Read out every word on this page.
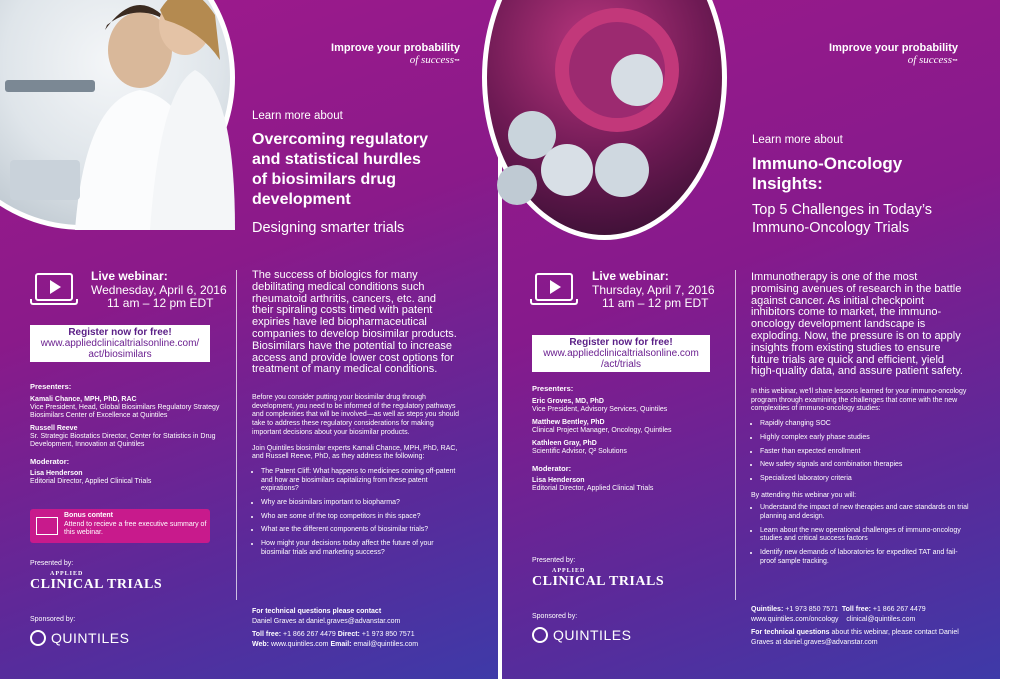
Improve your probability
of success™
Learn more about
Overcoming regulatory
and statistical hurdles
of biosimilars drug
development
Designing smarter trials
Live webinar:
Wednesday, April 6, 2016
11 am – 12 pm EDT
Register now for free!
www.appliedclinicaltrialsonline.com/
act/biosimilars
Presenters:
Kamali Chance, MPH, PhD, RAC
Vice President, Head, Global Biosimilars Regulatory Strategy Biosimilars Center of Excellence at Quintiles
Russell Reeve
Sr. Strategic Biostatics Director, Center for Statistics in Drug Development, Innovation at Quintiles
Moderator:
Lisa Henderson
Editorial Director, Applied Clinical Trials
Bonus content
Attend to recieve a free executive summary of this webinar.
Presented by:
APPLIED
CLINICAL TRIALS
Sponsored by:
QUINTILES
The success of biologics for many debilitating medical conditions such rheumatoid arthritis, cancers, etc. and their spiraling costs timed with patent expiries have led biopharmaceutical companies to develop biosimilar products. Biosimilars have the potential to increase access and provide lower cost options for treatment of many medical conditions.
Before you consider putting your biosimilar drug through development, you need to be informed of the regulatory pathways and complexities that will be involved—as well as steps you should take to address these regulatory considerations for making important decisions about your biosimilar products.
Join Quintiles biosimilar experts Kamali Chance, MPH, PhD, RAC, and Russell Reeve, PhD, as they address the following:
• The Patent Cliff: What happens to medicines coming off-patent and how are biosimilars capitalizing from these patent expirations?
• Why are biosimilars important to biopharma?
• Who are some of the top competitors in this space?
• What are the different components of biosimilar trials?
• How might your decisions today affect the future of your biosimilar trials and marketing success?
For technical questions please contact
Daniel Graves at daniel.graves@advanstar.com
Toll free: +1 866 267 4479 Direct: +1 973 850 7571
Web: www.quintiles.com Email: email@quintiles.com
Improve your probability
of success™
Learn more about
Immuno-Oncology
Insights:
Top 5 Challenges in Today’s
Immuno-Oncology Trials
Live webinar:
Thursday, April 7, 2016
11 am – 12 pm EDT
Register now for free!
www.appliedclinicaltrialsonline.com
/act/trials
Presenters:
Eric Groves, MD, PhD
Vice President, Advisory Services, Quintiles
Matthew Bentley, PhD
Clinical Project Manager, Oncology, Quintiles
Kathleen Gray, PhD
Scientific Advisor, Q² Solutions
Moderator:
Lisa Henderson
Editorial Director, Applied Clinical Trials
Presented by:
APPLIED
CLINICAL TRIALS
Sponsored by:
QUINTILES
Immunotherapy is one of the most promising avenues of research in the battle against cancer. As initial checkpoint inhibitors come to market, the immuno-oncology development landscape is exploding. Now, the pressure is on to apply insights from existing studies to ensure future trials are quick and efficient, yield high-quality data, and assure patient safety.
In this webinar, we'll share lessons learned for your immuno-oncology program through examining the challenges that come with the new complexities of immuno-oncology studies:
• Rapidly changing SOC
• Highly complex early phase studies
• Faster than expected enrollment
• New safety signals and combination therapies
• Specialized laboratory criteria
By attending this webinar you will:
• Understand the impact of new therapies and care standards on trial planning and design.
• Learn about the new operational challenges of immuno-oncology studies and critical success factors
• Identify new demands of laboratories for expedited TAT and fail-proof sample tracking.
Quintiles: +1 973 850 7571 Toll free: +1 866 267 4479
www.quintiles.com/oncology clinical@quintiles.com
For technical questions about this webinar, please contact Daniel Graves at daniel.graves@advanstar.com
Copyright © 2016 Quintiles
